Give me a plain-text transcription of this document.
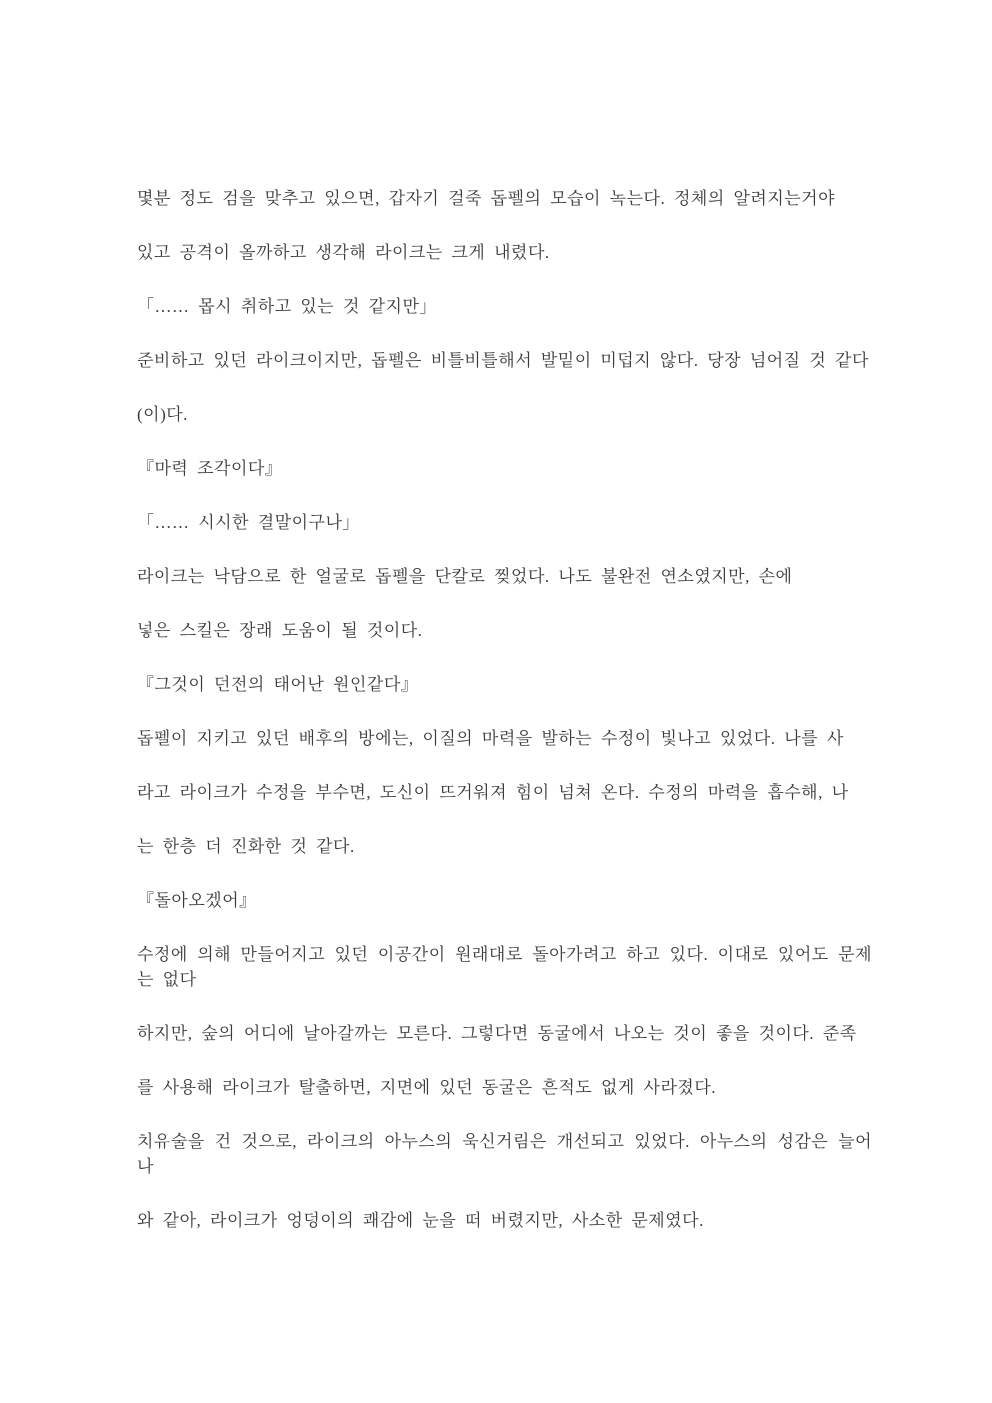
몇분 정도 검을 맞추고 있으면, 갑자기 걸죽 돕펠의 모습이 녹는다. 정체의 알려지는거야

있고 공격이 올까하고 생각해 라이크는 크게 내렸다.

「…… 몹시 취하고 있는 것 같지만」

준비하고 있던 라이크이지만, 돕펠은 비틀비틀해서 발밑이 미덥지 않다. 당장 넘어질 것 같다

(이)다.

『마력 조각이다』

「…… 시시한 결말이구나」

라이크는 낙담으로 한 얼굴로 돕펠을 단칼로 찢었다. 나도 불완전 연소였지만, 손에

넣은 스킬은 장래 도움이 될 것이다.

『그것이 던전의 태어난 원인같다』

돕펠이 지키고 있던 배후의 방에는, 이질의 마력을 발하는 수정이 빛나고 있었다. 나를 사

라고 라이크가 수정을 부수면, 도신이 뜨거워져 힘이 넘쳐 온다. 수정의 마력을 흡수해, 나

는 한층 더 진화한 것 같다.

『돌아오겠어』

수정에 의해 만들어지고 있던 이공간이 원래대로 돌아가려고 하고 있다. 이대로 있어도 문제는 없다

하지만, 숲의 어디에 날아갈까는 모른다. 그렇다면 동굴에서 나오는 것이 좋을 것이다. 준족

를 사용해 라이크가 탈출하면, 지면에 있던 동굴은 흔적도 없게 사라졌다.

치유술을 건 것으로, 라이크의 아누스의 욱신거림은 개선되고 있었다. 아누스의 성감은 늘어나

와 같아, 라이크가 엉덩이의 쾌감에 눈을 떠 버렸지만, 사소한 문제였다.
